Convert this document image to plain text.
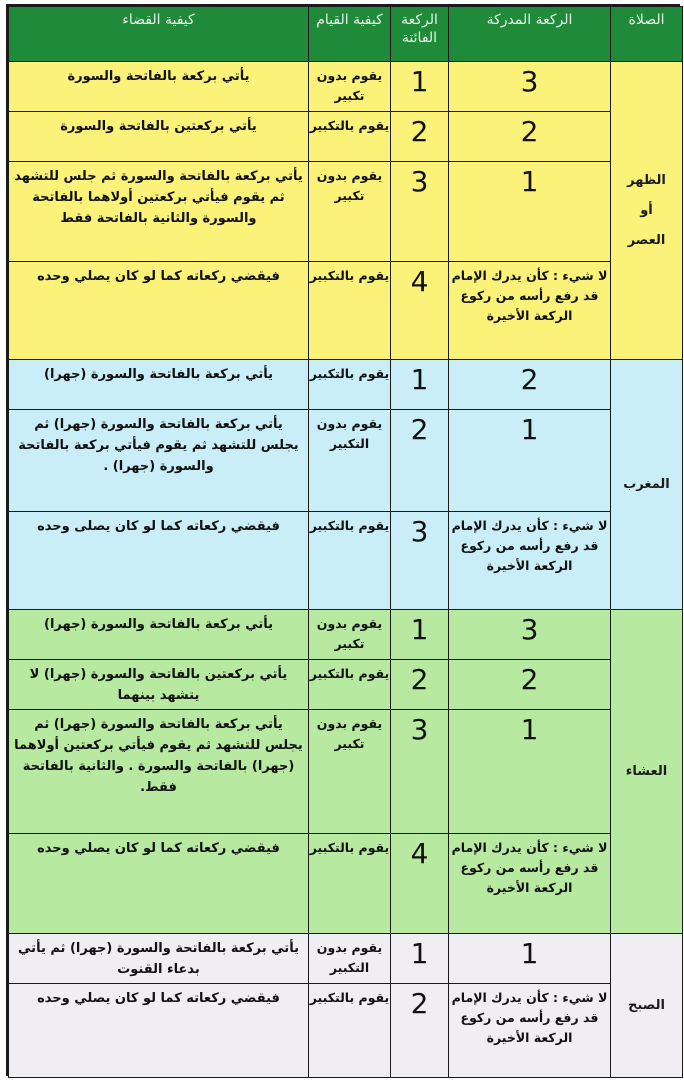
الصلاة	الركعة المدركة	الركعة الفائتة	كيفية القيام	كيفية القضاء

الظهر
أو
العصر	3	1	يقوم بدون تكبير	يأتي بركعة بالفاتحة والسورة
	2	2	يقوم بالتكبير	يأتي بركعتين بالفاتحة والسورة
	1	3	يقوم بدون تكبير	يأتي بركعة بالفاتحة والسورة ثم جلس للتشهد ثم يقوم فيأتي بركعتين أولاهما بالفاتحة والسورة والثانية بالفاتحة فقط
	لا شيء : كأن يدرك الإمام قد رفع رأسه من ركوع الركعة الأخيرة	4	يقوم بالتكبير	فيقضي ركعاته كما لو كان يصلي وحده

المغرب	2	1	يقوم بالتكبير	يأتي بركعة بالفاتحة والسورة (جهرا)
	1	2	يقوم بدون التكبير	يأتي بركعة بالفاتحة والسورة (جهرا) ثم يجلس للتشهد ثم يقوم فيأتي بركعة بالفاتحة والسورة (جهرا) .
	لا شيء : كأن يدرك الإمام قد رفع رأسه من ركوع الركعة الأخيرة	3	يقوم بالتكبير	فيقضي ركعاته كما لو كان يصلى وحده

العشاء	3	1	يقوم بدون تكبير	يأتي بركعة بالفاتحة والسورة (جهرا)
	2	2	يقوم بالتكبير	يأتي بركعتين بالفاتحة والسورة (جهرا) لا يتشهد بينهما
	1	3	يقوم بدون تكبير	يأتي بركعة بالفاتحة والسورة (جهرا) ثم يجلس للتشهد ثم يقوم فيأتي بركعتين أولاهما (جهرا) بالفاتحة والسورة . والثانية بالفاتحة فقط.
	لا شيء : كأن يدرك الإمام قد رفع رأسه من ركوع الركعة الأخيرة	4	يقوم بالتكبير	فيقضي ركعاته كما لو كان يصلي وحده

الصبح	1	1	يقوم بدون التكبير	يأتي بركعة بالفاتحة والسورة (جهرا) ثم يأتي بدعاء القنوت
	لا شيء : كأن يدرك الإمام قد رفع رأسه من ركوع الركعة الأخيرة	2	يقوم بالتكبير	فيقضي ركعاته كما لو كان يصلي وحده
